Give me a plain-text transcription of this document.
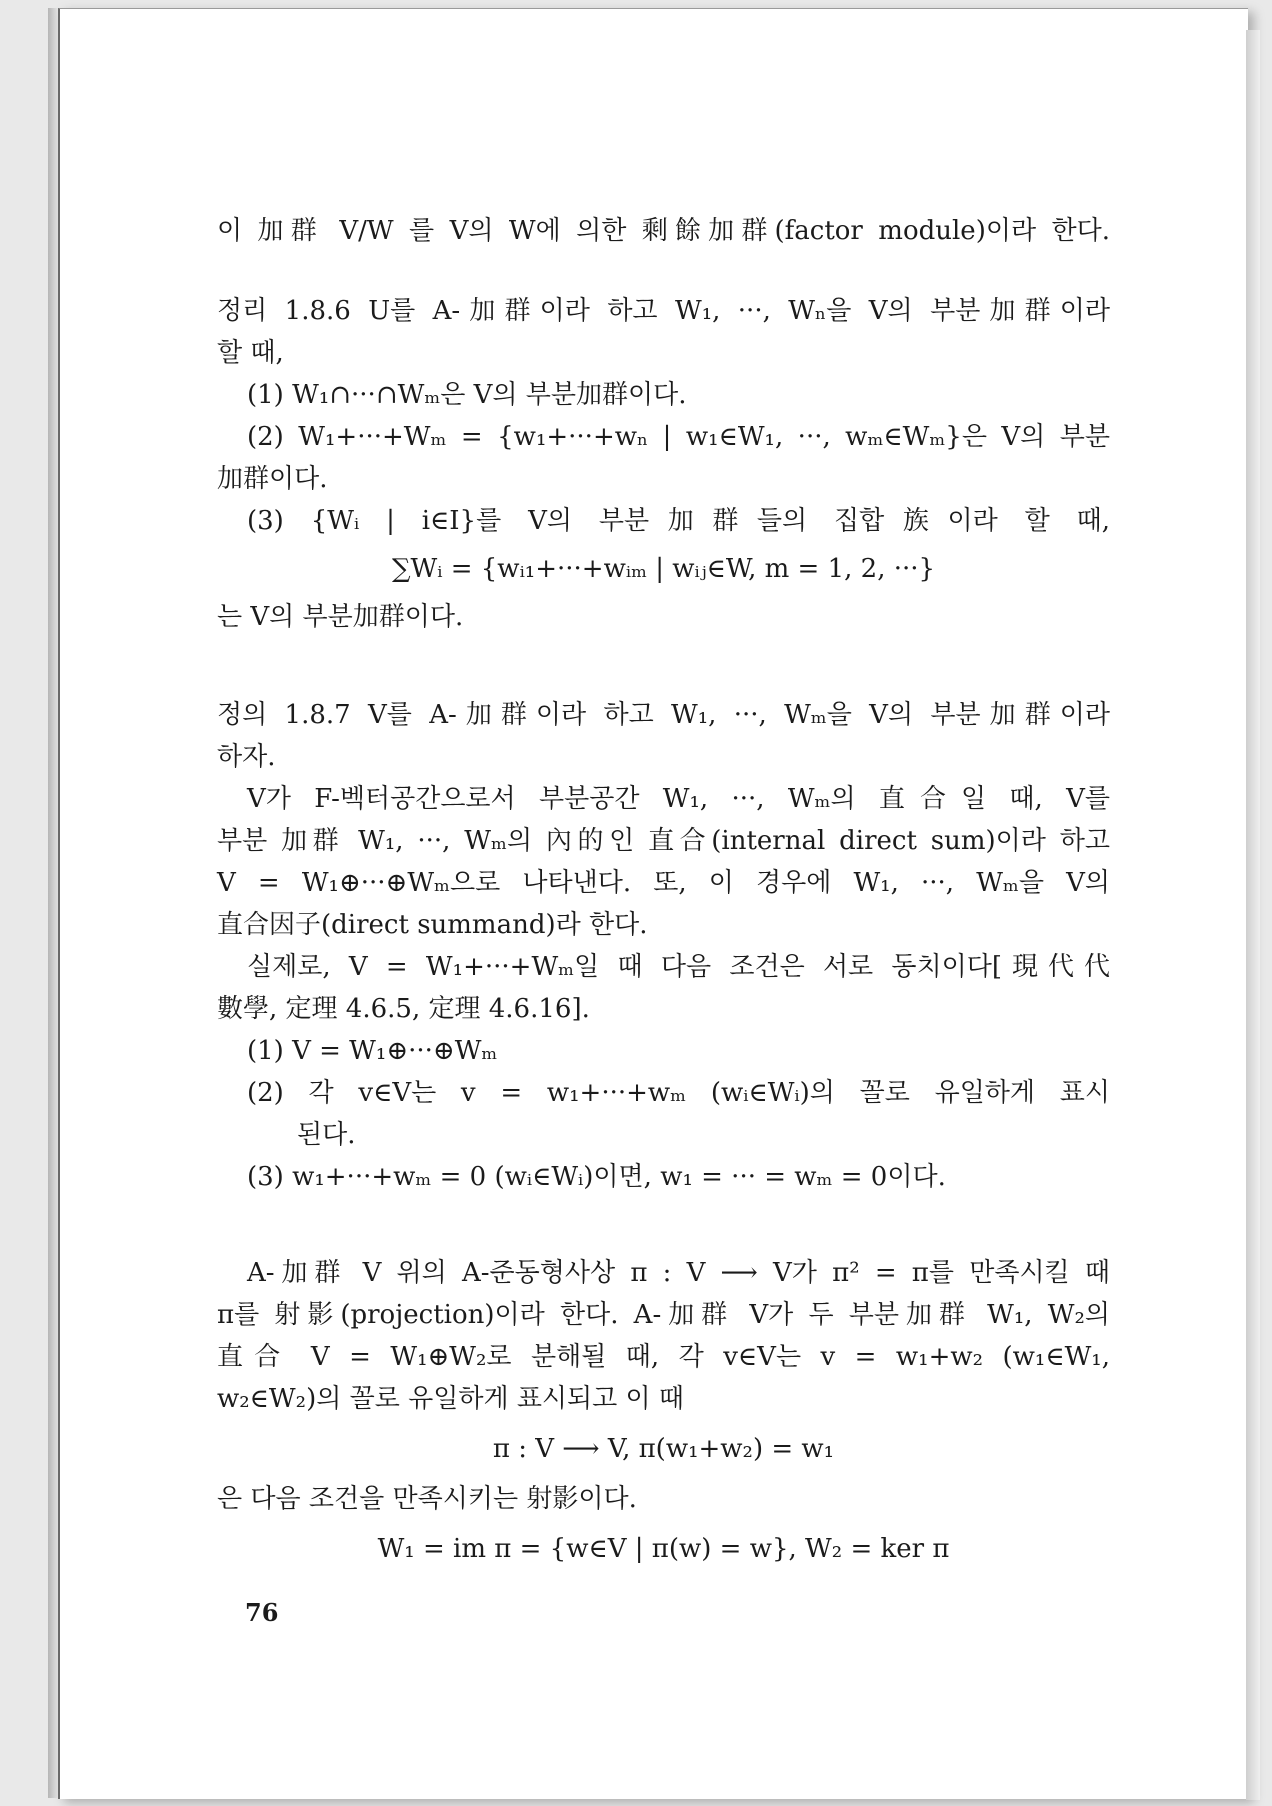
이 加群 V/W 를 V의 W에 의한 剩餘加群(factor module)이라 한다.
정리 1.8.6 U를 A-加群이라 하고 W₁, ···, Wₙ을 V의 부분加群이라
할 때,
(1) W₁∩···∩Wₘ은 V의 부분加群이다.
(2) W₁+···+Wₘ = {w₁+···+wₙ | w₁∈W₁, ···, wₘ∈Wₘ}은 V의 부분
加群이다.
(3) {Wᵢ | i∈I}를 V의 부분加群들의 집합族이라 할 때,
∑Wᵢ = {wᵢ₁+···+wᵢₘ | wᵢⱼ∈W, m = 1, 2, ···}
는 V의 부분加群이다.
정의 1.8.7 V를 A-加群이라 하고 W₁, ···, Wₘ을 V의 부분加群이라
하자.
V가 F-벡터공간으로서 부분공간 W₁, ···, Wₘ의 直合일 때, V를
부분 加群 W₁, ···, Wₘ의 內的인 直合(internal direct sum)이라 하고
V = W₁⊕···⊕Wₘ으로 나타낸다. 또, 이 경우에 W₁, ···, Wₘ을 V의
直合因子(direct summand)라 한다.
실제로, V = W₁+···+Wₘ일 때 다음 조건은 서로 동치이다[現代代
數學, 定理 4.6.5, 定理 4.6.16].
(1) V = W₁⊕···⊕Wₘ
(2) 각 v∈V는 v = w₁+···+wₘ (wᵢ∈Wᵢ)의 꼴로 유일하게 표시
된다.
(3) w₁+···+wₘ = 0 (wᵢ∈Wᵢ)이면, w₁ = ··· = wₘ = 0이다.
A-加群 V 위의 A-준동형사상 π : V ⟶ V가 π² = π를 만족시킬 때
π를 射影(projection)이라 한다. A-加群 V가 두 부분加群 W₁, W₂의
直合 V = W₁⊕W₂로 분해될 때, 각 v∈V는 v = w₁+w₂ (w₁∈W₁,
w₂∈W₂)의 꼴로 유일하게 표시되고 이 때
π : V ⟶ V, π(w₁+w₂) = w₁
은 다음 조건을 만족시키는 射影이다.
W₁ = im π = {w∈V | π(w) = w}, W₂ = ker π
76
